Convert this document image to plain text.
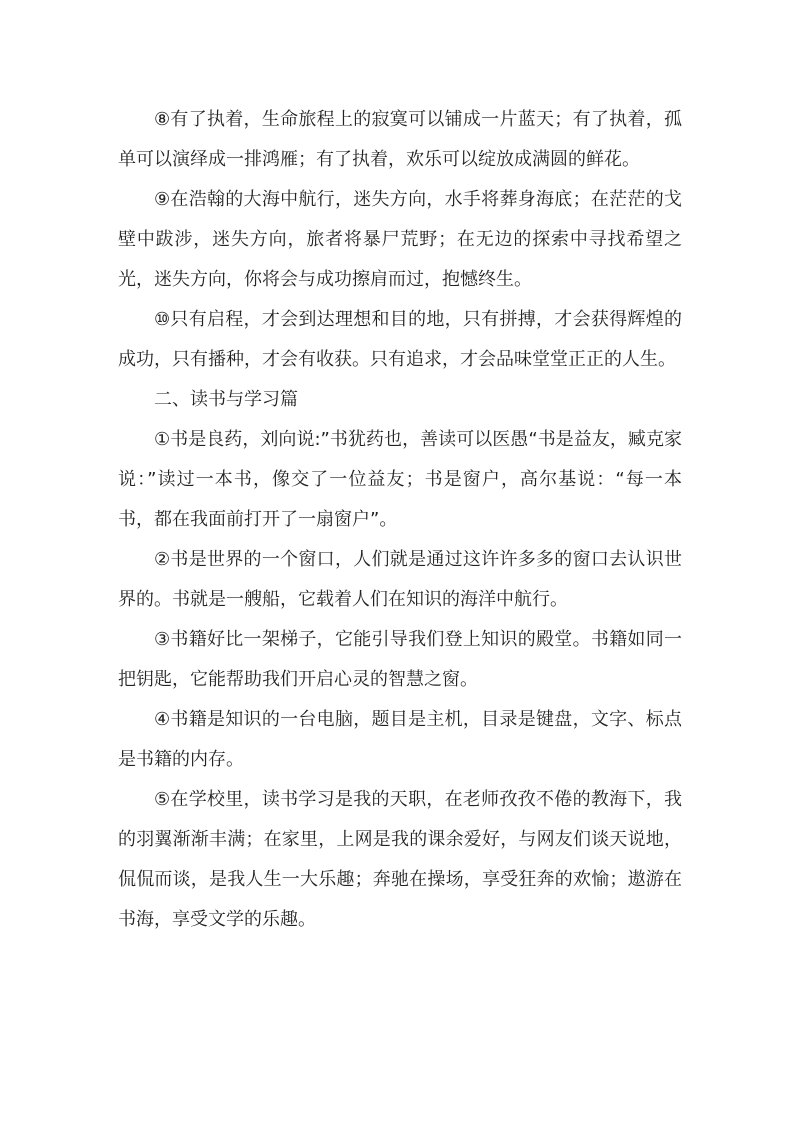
⑧有了执着，生命旅程上的寂寞可以铺成一片蓝天；有了执着，孤单可以演绎成一排鸿雁；有了执着，欢乐可以绽放成满圆的鲜花。

⑨在浩翰的大海中航行，迷失方向，水手将葬身海底；在茫茫的戈壁中跋涉，迷失方向，旅者将暴尸荒野；在无边的探索中寻找希望之光，迷失方向，你将会与成功擦肩而过，抱憾终生。

⑩只有启程，才会到达理想和目的地，只有拼搏，才会获得辉煌的成功，只有播种，才会有收获。只有追求，才会品味堂堂正正的人生。

二、读书与学习篇

①书是良药，刘向说:”书犹药也，善读可以医愚“书是益友，臧克家说：”读过一本书，像交了一位益友；书是窗户，高尔基说：“每一本书，都在我面前打开了一扇窗户”。

②书是世界的一个窗口，人们就是通过这许许多多的窗口去认识世界的。书就是一艘船，它载着人们在知识的海洋中航行。

③书籍好比一架梯子，它能引导我们登上知识的殿堂。书籍如同一把钥匙，它能帮助我们开启心灵的智慧之窗。

④书籍是知识的一台电脑，题目是主机，目录是键盘，文字、标点是书籍的内存。

⑤在学校里，读书学习是我的天职，在老师孜孜不倦的教海下，我的羽翼渐渐丰满；在家里，上网是我的课余爱好，与网友们谈天说地，侃侃而谈，是我人生一大乐趣；奔驰在操场，享受狂奔的欢愉；遨游在书海，享受文学的乐趣。
